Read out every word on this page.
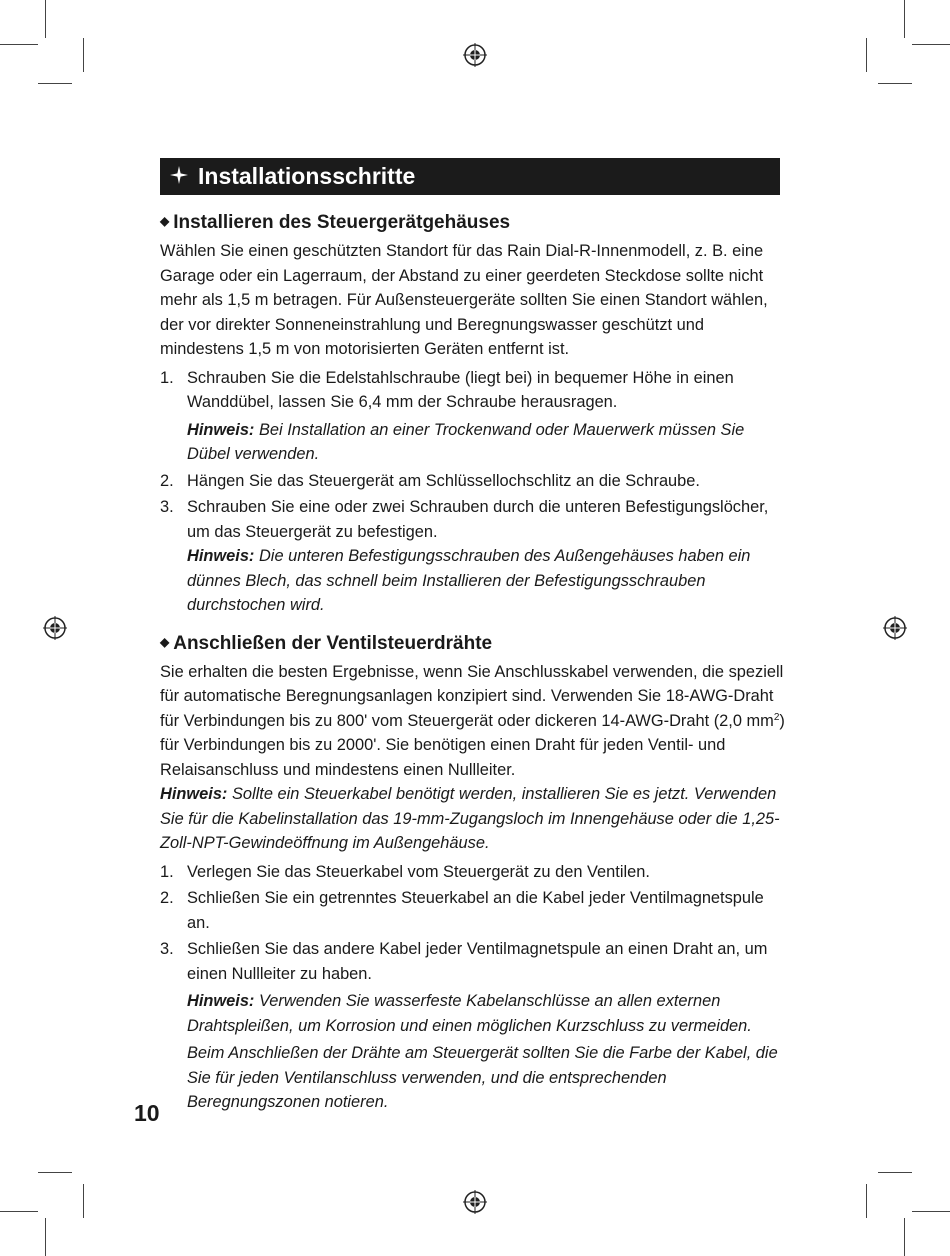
Installationsschritte
◆ Installieren des Steuergerätgehäuses

Wählen Sie einen geschützten Standort für das Rain Dial-R-Innenmodell, z. B. eine Garage oder ein Lagerraum, der Abstand zu einer geerdeten Steckdose sollte nicht mehr als 1,5 m betragen. Für Außensteuergeräte sollten Sie einen Standort wählen, der vor direkter Sonneneinstrahlung und Beregnungswasser geschützt und mindestens 1,5 m von motorisierten Geräten entfernt ist.

1. Schrauben Sie die Edelstahlschraube (liegt bei) in bequemer Höhe in einen Wanddübel, lassen Sie 6,4 mm der Schraube herausragen.
Hinweis: Bei Installation an einer Trockenwand oder Mauerwerk müssen Sie Dübel verwenden.
2. Hängen Sie das Steuergerät am Schlüssellochschlitz an die Schraube.
3. Schrauben Sie eine oder zwei Schrauben durch die unteren Befestigungslöcher, um das Steuergerät zu befestigen.
Hinweis: Die unteren Befestigungsschrauben des Außengehäuses haben ein dünnes Blech, das schnell beim Installieren der Befestigungsschrauben durchstochen wird.
◆ Anschließen der Ventilsteuerdrähte

Sie erhalten die besten Ergebnisse, wenn Sie Anschlusskabel verwenden, die speziell für automatische Beregnungsanlagen konzipiert sind. Verwenden Sie 18-AWG-Draht für Verbindungen bis zu 800' vom Steuergerät oder dickeren 14-AWG-Draht (2,0 $mm^2$) für Verbindungen bis zu 2000'. Sie benötigen einen Draht für jeden Ventil- und Relaisanschluss und mindestens einen Nullleiter.

Hinweis: Sollte ein Steuerkabel benötigt werden, installieren Sie es jetzt. Verwenden Sie für die Kabelinstallation das 19-mm-Zugangsloch im Innengehäuse oder die 1,25-Zoll-NPT-Gewindeöffnung im Außengehäuse.

1. Verlegen Sie das Steuerkabel vom Steuergerät zu den Ventilen.
2. Schließen Sie ein getrenntes Steuerkabel an die Kabel jeder Ventilmagnetspule an.
3. Schließen Sie das andere Kabel jeder Ventilmagnetspule an einen Draht an, um einen Nullleiter zu haben.
Hinweis: Verwenden Sie wasserfeste Kabelanschlüsse an allen externen Drahtspleißen, um Korrosion und einen möglichen Kurzschluss zu vermeiden.
Beim Anschließen der Drähte am Steuergerät sollten Sie die Farbe der Kabel, die Sie für jeden Ventilanschluss verwenden, und die entsprechenden Beregnungszonen notieren.
10
